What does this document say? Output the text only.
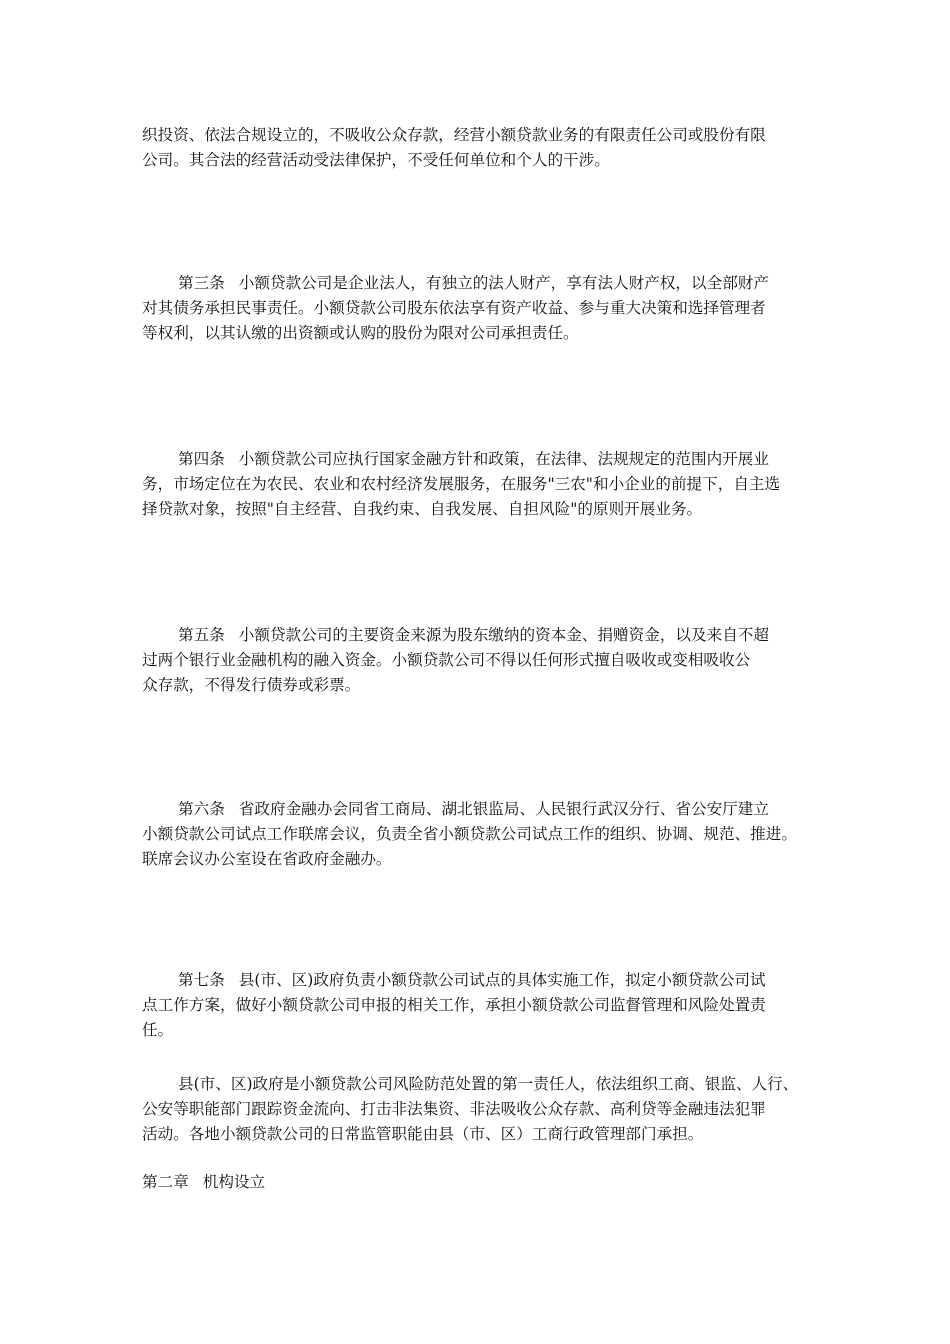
织投资、依法合规设立的，不吸收公众存款，经营小额贷款业务的有限责任公司或股份有限
公司。其合法的经营活动受法律保护，不受任何单位和个人的干涉。

第三条 小额贷款公司是企业法人，有独立的法人财产，享有法人财产权，以全部财产
对其债务承担民事责任。小额贷款公司股东依法享有资产收益、参与重大决策和选择管理者
等权利，以其认缴的出资额或认购的股份为限对公司承担责任。

第四条 小额贷款公司应执行国家金融方针和政策，在法律、法规规定的范围内开展业
务，市场定位在为农民、农业和农村经济发展服务，在服务"三农"和小企业的前提下，自主选
择贷款对象，按照"自主经营、自我约束、自我发展、自担风险"的原则开展业务。

第五条 小额贷款公司的主要资金来源为股东缴纳的资本金、捐赠资金，以及来自不超
过两个银行业金融机构的融入资金。小额贷款公司不得以任何形式擅自吸收或变相吸收公
众存款，不得发行债券或彩票。

第六条 省政府金融办会同省工商局、湖北银监局、人民银行武汉分行、省公安厅建立
小额贷款公司试点工作联席会议，负责全省小额贷款公司试点工作的组织、协调、规范、推进。
联席会议办公室设在省政府金融办。

第七条 县(市、区)政府负责小额贷款公司试点的具体实施工作，拟定小额贷款公司试
点工作方案，做好小额贷款公司申报的相关工作，承担小额贷款公司监督管理和风险处置责
任。

县(市、区)政府是小额贷款公司风险防范处置的第一责任人，依法组织工商、银监、人行、
公安等职能部门跟踪资金流向、打击非法集资、非法吸收公众存款、高利贷等金融违法犯罪
活动。各地小额贷款公司的日常监管职能由县（市、区）工商行政管理部门承担。

第二章 机构设立
